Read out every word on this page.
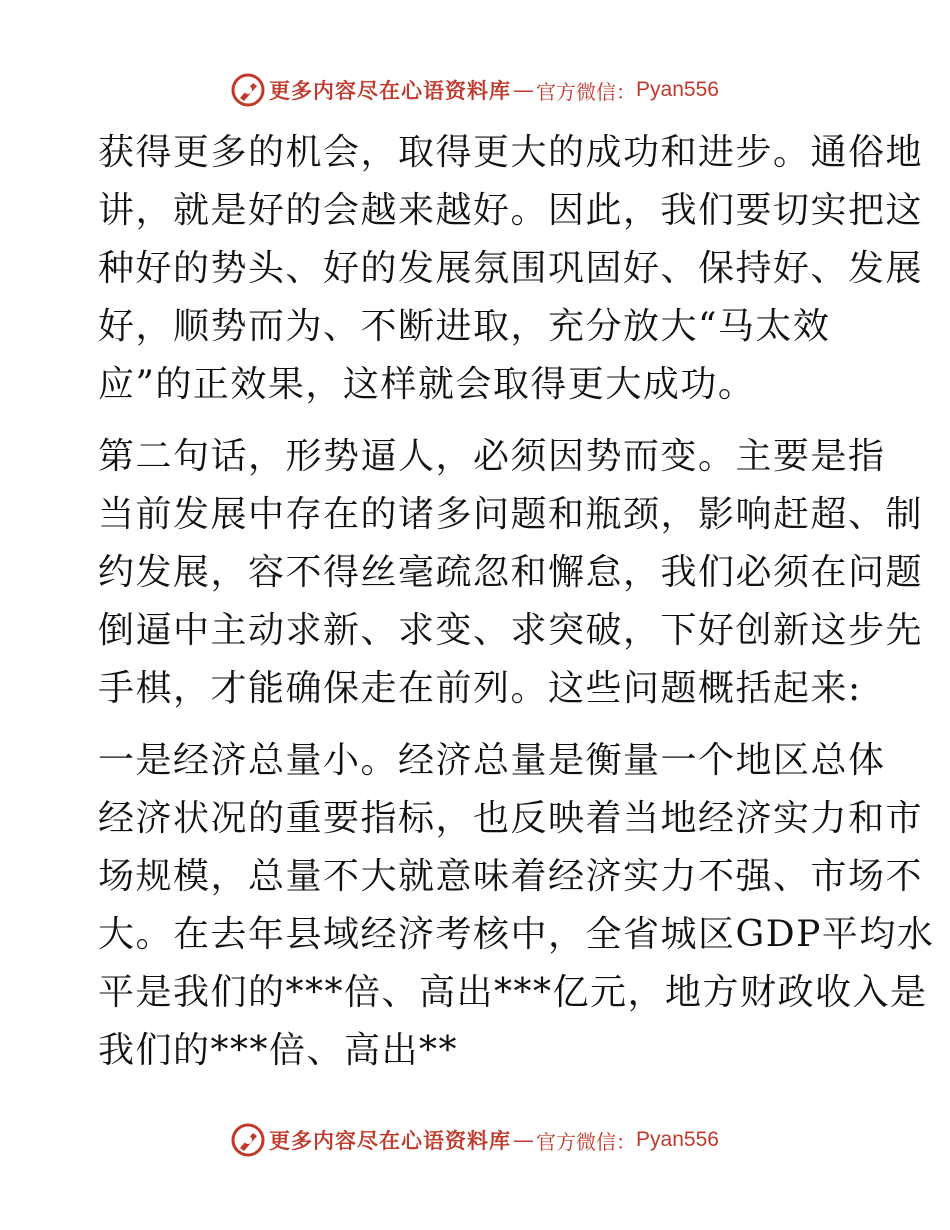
更多内容尽在心语资料库 — 官方微信： Pyan556

获得更多的机会，取得更大的成功和进步。通俗地
讲，就是好的会越来越好。因此，我们要切实把这
种好的势头、好的发展氛围巩固好、保持好、发展
好，顺势而为、不断进取，充分放大“马太效
应”的正效果，这样就会取得更大成功。

第二句话，形势逼人，必须因势而变。主要是指
当前发展中存在的诸多问题和瓶颈，影响赶超、制
约发展，容不得丝毫疏忽和懈怠，我们必须在问题
倒逼中主动求新、求变、求突破，下好创新这步先
手棋，才能确保走在前列。这些问题概括起来:

一是经济总量小。经济总量是衡量一个地区总体
经济状况的重要指标，也反映着当地经济实力和市
场规模，总量不大就意味着经济实力不强、市场不
大。在去年县域经济考核中，全省城区GDP平均水
平是我们的***倍、高出***亿元，地方财政收入是
我们的***倍、高出**

更多内容尽在心语资料库 — 官方微信： Pyan556
